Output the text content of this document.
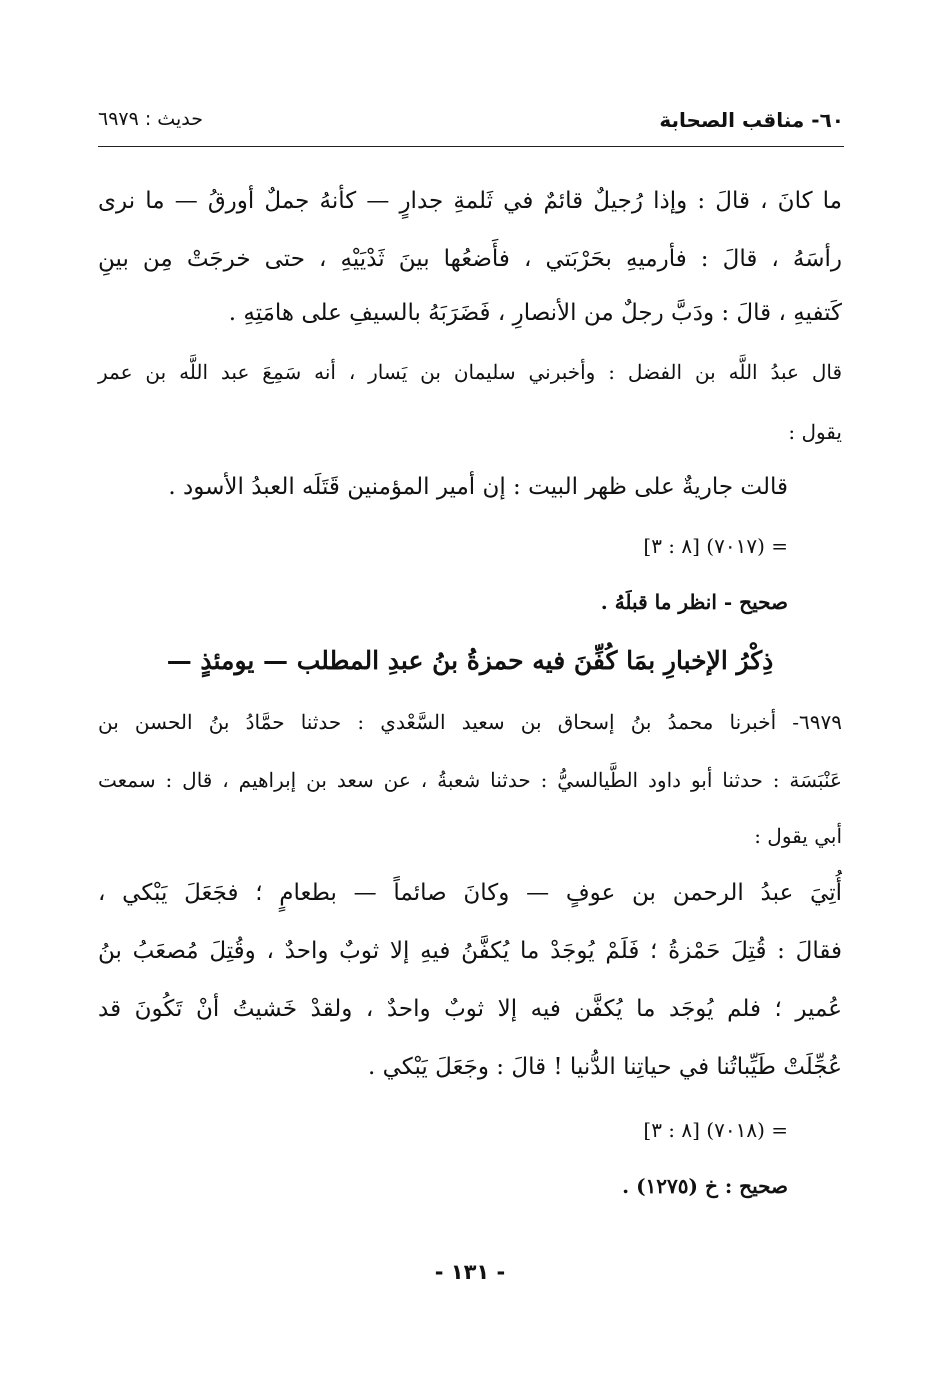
٦٠- مناقب الصحابة
حديث : ٦٩٧٩
ما كانَ ، قالَ : وإذا رُجيلٌ قائمٌ في ثَلمةِ جدارٍ — كأنهُ جملٌ أورقُ — ما نرى
رأسَهُ ، قالَ : فأرميهِ بحَرْبَتي ، فأَضعُها بينَ ثَدْيَيْهِ ، حتى خرجَتْ مِن بينِ
كَتفيهِ ، قالَ : ودَبَّ رجلٌ من الأنصارِ ، فَضَرَبَهُ بالسيفِ على هامَتِهِ .
قال عبدُ اللَّه بن الفضل : وأخبرني سليمان بن يَسار ، أنه سَمِعَ عبد اللَّه بن عمر
يقول :
قالت جاريةٌ على ظهر البيت : إن أمير المؤمنين قَتَلَه العبدُ الأسود .
= (٧٠١٧) [٨ : ٣]
صحيح - انظر ما قبلَهُ .
ذِكْرُ الإخبارِ بمَا كُفِّنَ فيه حمزةُ بنُ عبدِ المطلب — يومئذٍ —
٦٩٧٩- أخبرنا محمدُ بنُ إسحاق بن سعيد السَّعْدي : حدثنا حمَّادُ بنُ الحسن بن
عَنْبَسَة : حدثنا أبو داود الطَّيالسيُّ : حدثنا شعبةُ ، عن سعد بن إبراهيم ، قال : سمعت
أبي يقول :
أُتِيَ عبدُ الرحمن بن عوفٍ — وكانَ صائماً — بطعامٍ ؛ فجَعَلَ يَبْكي ،
فقالَ : قُتِلَ حَمْزةُ ؛ فَلَمْ يُوجَدْ ما يُكفَّنُ فيهِ إلا ثوبٌ واحدٌ ، وقُتِلَ مُصعَبُ بنُ
عُمير ؛ فلم يُوجَد ما يُكفَّن فيه إلا ثوبٌ واحدٌ ، ولقدْ خَشيتُ أنْ تَكُونَ قد
عُجِّلَتْ طَيِّباتُنا في حياتِنا الدُّنيا ! قالَ : وجَعَلَ يَبْكي .
= (٧٠١٨) [٨ : ٣]
صحيح : خ (١٢٧٥) .
- ١٣١ -
